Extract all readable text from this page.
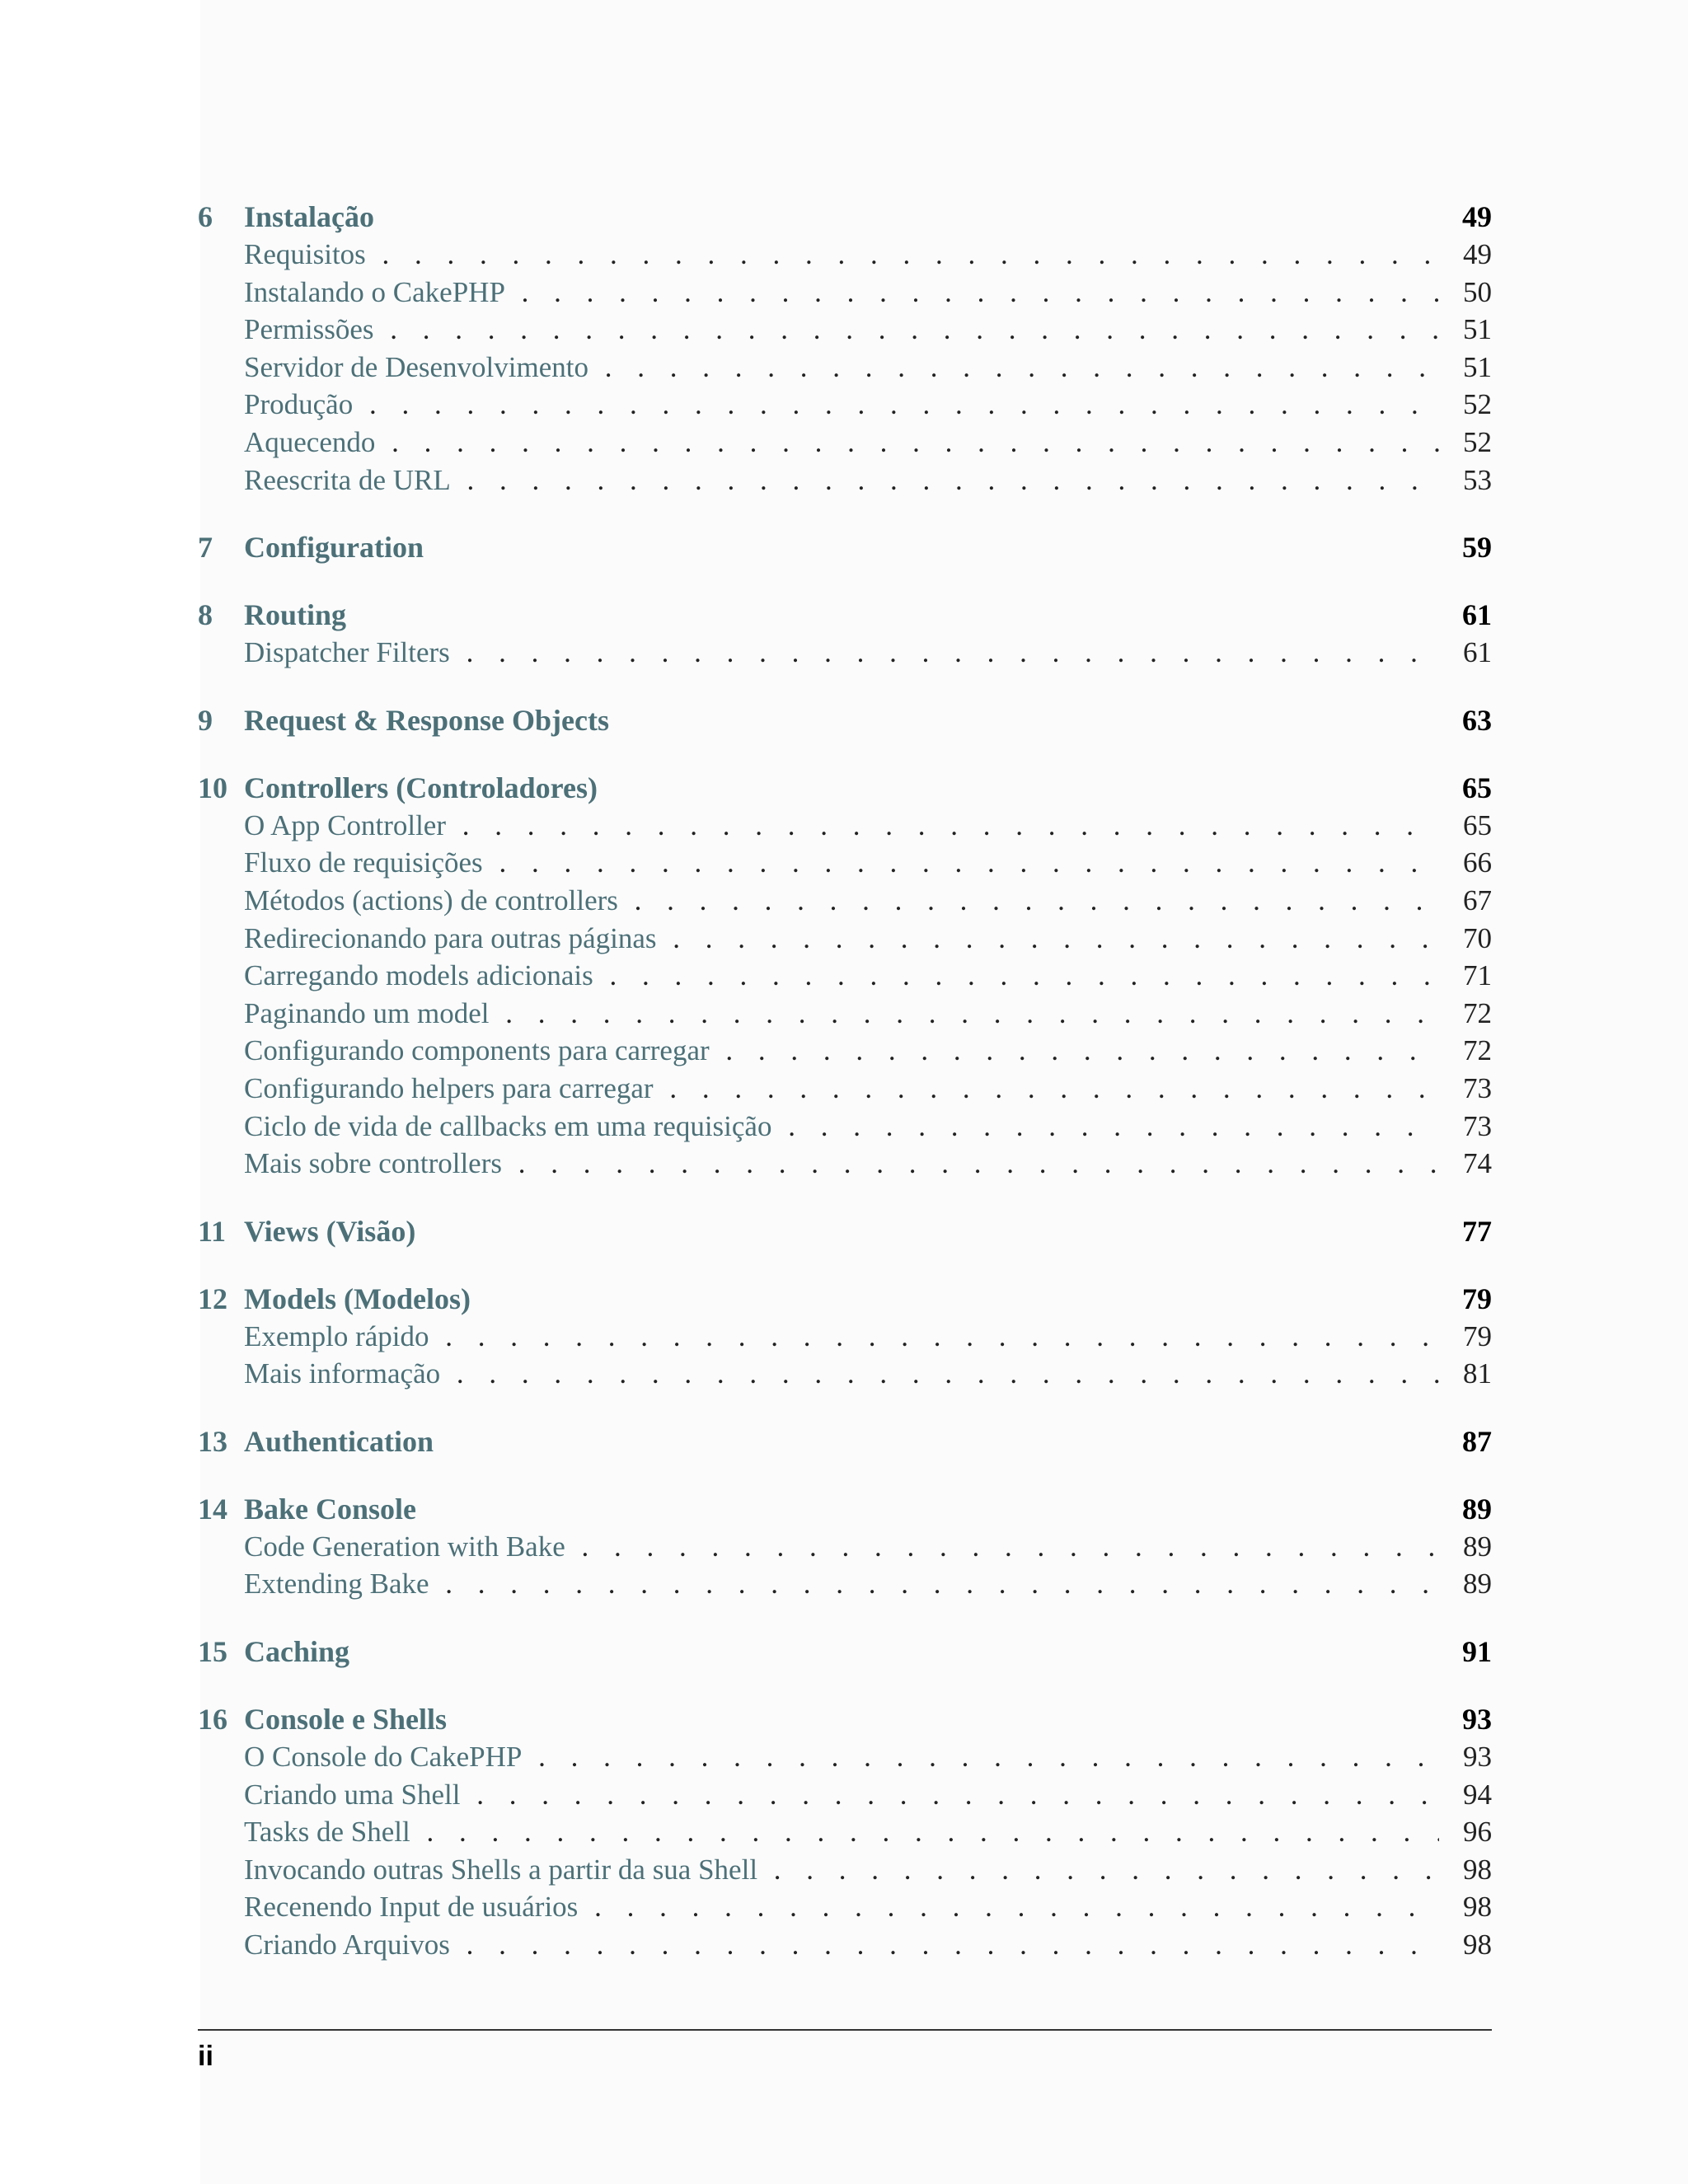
6 Instalação	49
Requisitos . . .	49
Instalando o CakePHP . . .	50
Permissões . . .	51
Servidor de Desenvolvimento . . .	51
Produção . . .	52
Aquecendo . . .	52
Reescrita de URL . . .	53
7 Configuration	59
8 Routing	61
Dispatcher Filters . . .	61
9 Request & Response Objects	63
10 Controllers (Controladores)	65
O App Controller . . .	65
Fluxo de requisições . . .	66
Métodos (actions) de controllers . . .	67
Redirecionando para outras páginas . . .	70
Carregando models adicionais . . .	71
Paginando um model . . .	72
Configurando components para carregar . . .	72
Configurando helpers para carregar . . .	73
Ciclo de vida de callbacks em uma requisição . . .	73
Mais sobre controllers . . .	74
11 Views (Visão)	77
12 Models (Modelos)	79
Exemplo rápido . . .	79
Mais informação . . .	81
13 Authentication	87
14 Bake Console	89
Code Generation with Bake . . .	89
Extending Bake . . .	89
15 Caching	91
16 Console e Shells	93
O Console do CakePHP . . .	93
Criando uma Shell . . .	94
Tasks de Shell . . .	96
Invocando outras Shells a partir da sua Shell . . .	98
Recenendo Input de usuários . . .	98
Criando Arquivos . . .	98
ii
